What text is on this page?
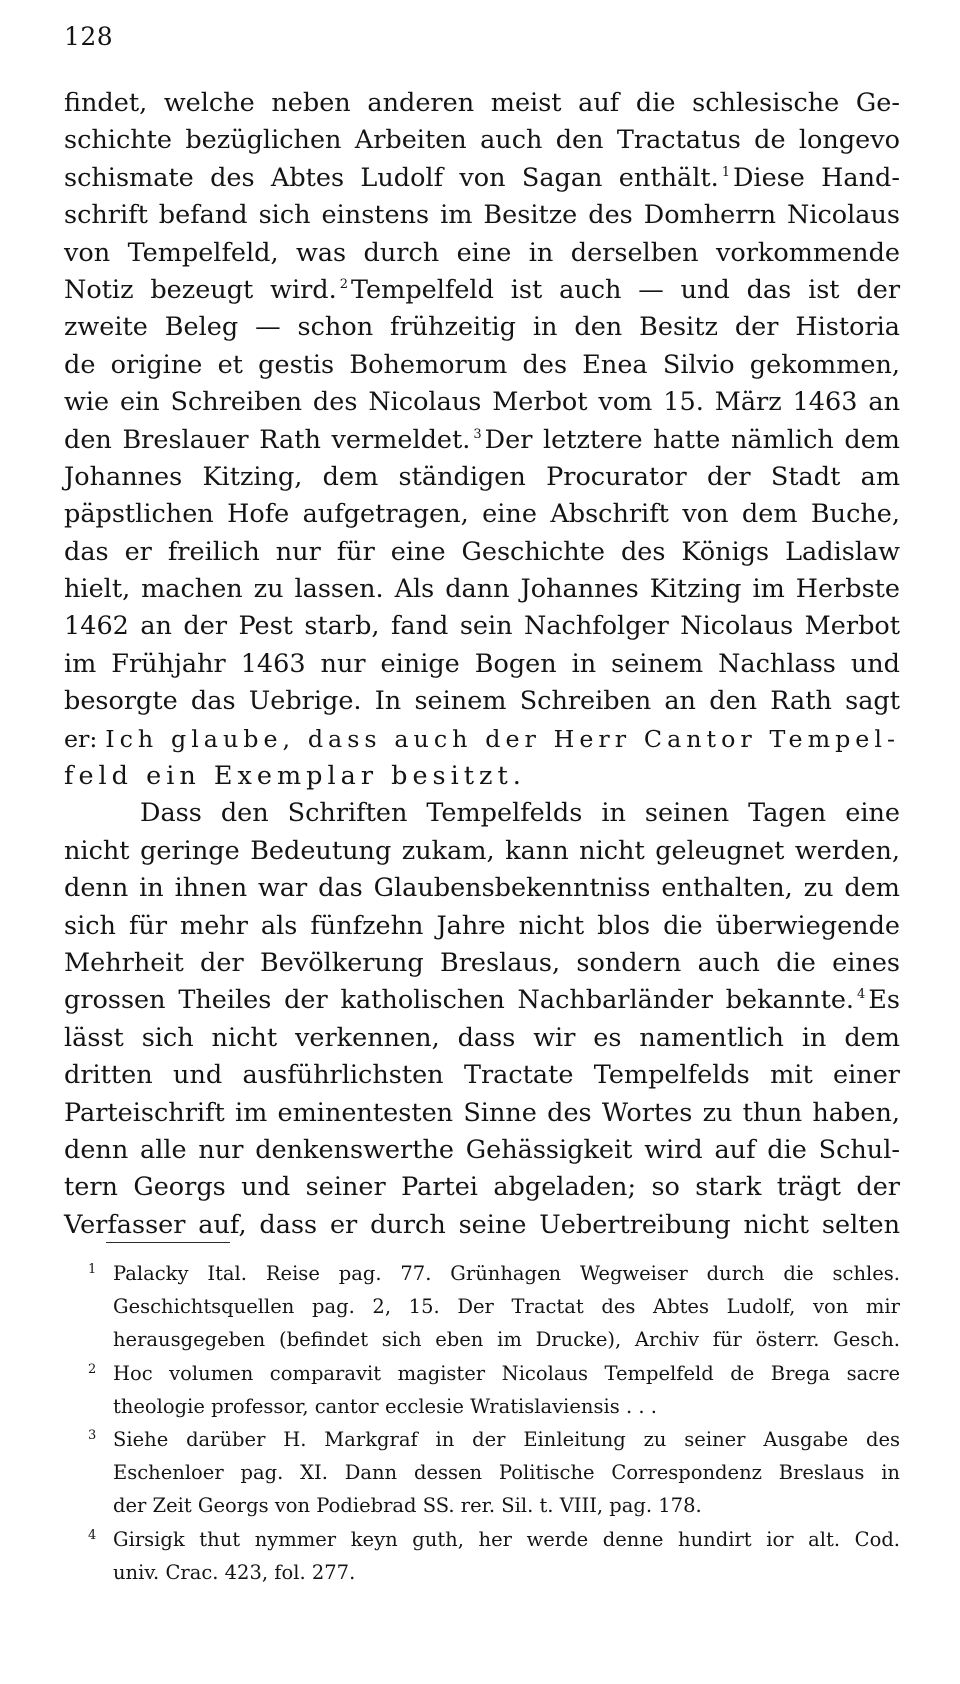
128
findet, welche neben anderen meist auf die schlesische Ge-
schichte bezüglichen Arbeiten auch den Tractatus de longevo
schismate des Abtes Ludolf von Sagan enthält. $^1$ Diese Hand-
schrift befand sich einstens im Besitze des Domherrn Nicolaus
von Tempelfeld, was durch eine in derselben vorkommende
Notiz bezeugt wird. $^2$ Tempelfeld ist auch — und das ist der
zweite Beleg — schon frühzeitig in den Besitz der Historia
de origine et gestis Bohemorum des Enea Silvio gekommen,
wie ein Schreiben des Nicolaus Merbot vom 15. März 1463 an
den Breslauer Rath vermeldet. $^3$ Der letztere hatte nämlich dem
Johannes Kitzing, dem ständigen Procurator der Stadt am
päpstlichen Hofe aufgetragen, eine Abschrift von dem Buche,
das er freilich nur für eine Geschichte des Königs Ladislaw
hielt, machen zu lassen. Als dann Johannes Kitzing im Herbste
1462 an der Pest starb, fand sein Nachfolger Nicolaus Merbot
im Frühjahr 1463 nur einige Bogen in seinem Nachlass und
besorgte das Uebrige. In seinem Schreiben an den Rath sagt
er: Ich glaube, dass auch der Herr Cantor Tempel-
feld ein Exemplar besitzt.
Dass den Schriften Tempelfelds in seinen Tagen eine
nicht geringe Bedeutung zukam, kann nicht geleugnet werden,
denn in ihnen war das Glaubensbekenntniss enthalten, zu dem
sich für mehr als fünfzehn Jahre nicht blos die überwiegende
Mehrheit der Bevölkerung Breslaus, sondern auch die eines
grossen Theiles der katholischen Nachbarländer bekannte. $^4$ Es
lässt sich nicht verkennen, dass wir es namentlich in dem
dritten und ausführlichsten Tractate Tempelfelds mit einer
Parteischrift im eminentesten Sinne des Wortes zu thun haben,
denn alle nur denkenswerthe Gehässigkeit wird auf die Schul-
tern Georgs und seiner Partei abgeladen; so stark trägt der
Verfasser auf, dass er durch seine Uebertreibung nicht selten
1 Palacky Ital. Reise pag. 77. Grünhagen Wegweiser durch die schles.
Geschichtsquellen pag. 2, 15. Der Tractat des Abtes Ludolf, von mir
herausgegeben (befindet sich eben im Drucke), Archiv für österr. Gesch.
2 Hoc volumen comparavit magister Nicolaus Tempelfeld de Brega sacre
theologie professor, cantor ecclesie Wratislaviensis . . .
3 Siehe darüber H. Markgraf in der Einleitung zu seiner Ausgabe des
Eschenloer pag. XI. Dann dessen Politische Correspondenz Breslaus in
der Zeit Georgs von Podiebrad SS. rer. Sil. t. VIII, pag. 178.
4 Girsigk thut nymmer keyn guth, her werde denne hundirt ior alt. Cod.
univ. Crac. 423, fol. 277.
